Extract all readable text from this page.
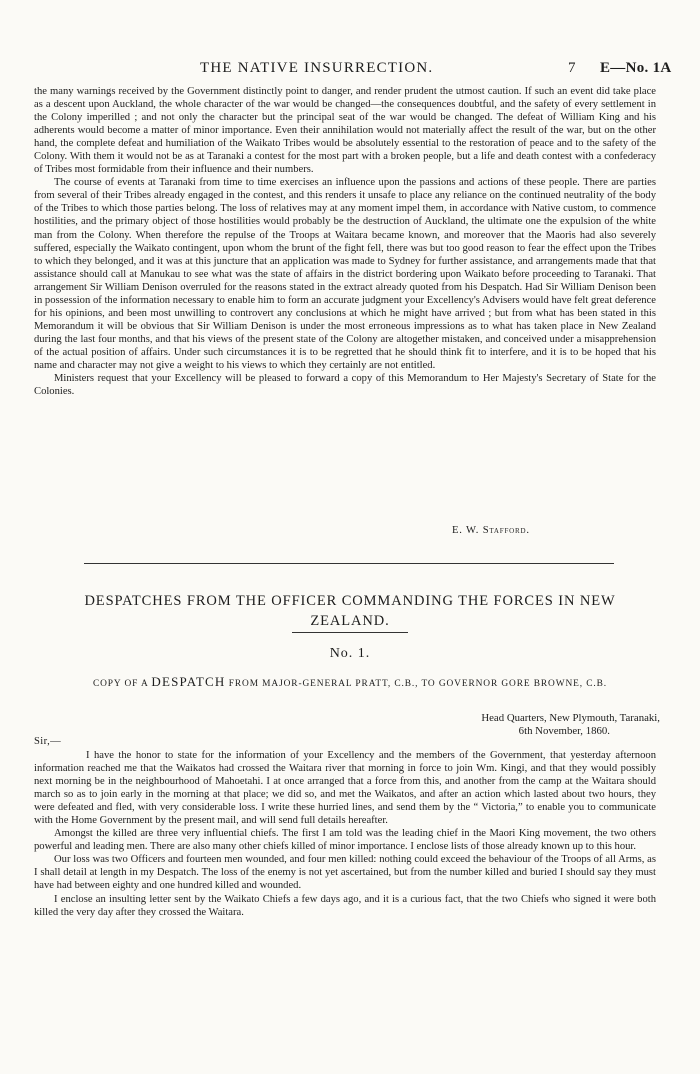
THE NATIVE INSURRECTION.	7 E—No. 1A

the many warnings received by the Government distinctly point to danger, and render prudent the utmost caution. If such an event did take place as a descent upon Auckland, the whole character of the war would be changed—the consequences doubtful, and the safety of every settlement in the Colony imperilled ; and not only the character but the principal seat of the war would be changed. The defeat of William King and his adherents would become a matter of minor importance. Even their annihilation would not materially affect the result of the war, but on the other hand, the complete defeat and humiliation of the Waikato Tribes would be absolutely essential to the restoration of peace and to the safety of the Colony. With them it would not be as at Taranaki a contest for the most part with a broken people, but a life and death contest with a confederacy of Tribes most formidable from their influence and their numbers.

The course of events at Taranaki from time to time exercises an influence upon the passions and actions of these people. There are parties from several of their Tribes already engaged in the contest, and this renders it unsafe to place any reliance on the continued neutrality of the body of the Tribes to which those parties belong. The loss of relatives may at any moment impel them, in accordance with Native custom, to commence hostilities, and the primary object of those hostilities would probably be the destruction of Auckland, the ultimate one the expulsion of the white man from the Colony. When therefore the repulse of the Troops at Waitara became known, and moreover that the Maoris had also severely suffered, especially the Waikato contingent, upon whom the brunt of the fight fell, there was but too good reason to fear the effect upon the Tribes to which they belonged, and it was at this juncture that an application was made to Sydney for further assistance, and arrangements made that that assistance should call at Manukau to see what was the state of affairs in the district bordering upon Waikato before proceeding to Taranaki. That arrangement Sir William Denison overruled for the reasons stated in the extract already quoted from his Despatch. Had Sir William Denison been in possession of the information necessary to enable him to form an accurate judgment your Excellency's Advisers would have felt great deference for his opinions, and been most unwilling to controvert any conclusions at which he might have arrived ; but from what has been stated in this Memorandum it will be obvious that Sir William Denison is under the most erroneous impressions as to what has taken place in New Zealand during the last four months, and that his views of the present state of the Colony are altogether mistaken, and conceived under a misapprehension of the actual position of affairs. Under such circumstances it is to be regretted that he should think fit to interfere, and it is to be hoped that his name and character may not give a weight to his views to which they certainly are not entitled.

Ministers request that your Excellency will be pleased to forward a copy of this Memorandum to Her Majesty's Secretary of State for the Colonies.

E. W. Stafford.
DESPATCHES FROM THE OFFICER COMMANDING THE FORCES IN NEW ZEALAND.
No. 1.
COPY OF A DESPATCH FROM MAJOR-GENERAL PRATT, C.B., TO GOVERNOR GORE BROWNE, C.B.
Head Quarters, New Plymouth, Taranaki,
6th November, 1860.
Sir,—

I have the honor to state for the information of your Excellency and the members of the Government, that yesterday afternoon information reached me that the Waikatos had crossed the Waitara river that morning in force to join Wm. Kingi, and that they would possibly next morning be in the neighbourhood of Mahoetahi. I at once arranged that a force from this, and another from the camp at the Waitara should march so as to join early in the morning at that place; we did so, and met the Waikatos, and after an action which lasted about two hours, they were defeated and fled, with very considerable loss. I write these hurried lines, and send them by the “ Victoria,” to enable you to communicate with the Home Government by the present mail, and will send full details hereafter.

Amongst the killed are three very influential chiefs. The first I am told was the leading chief in the Maori King movement, the two others powerful and leading men. There are also many other chiefs killed of minor importance. I enclose lists of those already known up to this hour.

Our loss was two Officers and fourteen men wounded, and four men killed: nothing could exceed the behaviour of the Troops of all Arms, as I shall detail at length in my Despatch. The loss of the enemy is not yet ascertained, but from the number killed and buried I should say they must have had between eighty and one hundred killed and wounded.

I enclose an insulting letter sent by the Waikato Chiefs a few days ago, and it is a curious fact, that the two Chiefs who signed it were both killed the very day after they crossed the Waitara.
